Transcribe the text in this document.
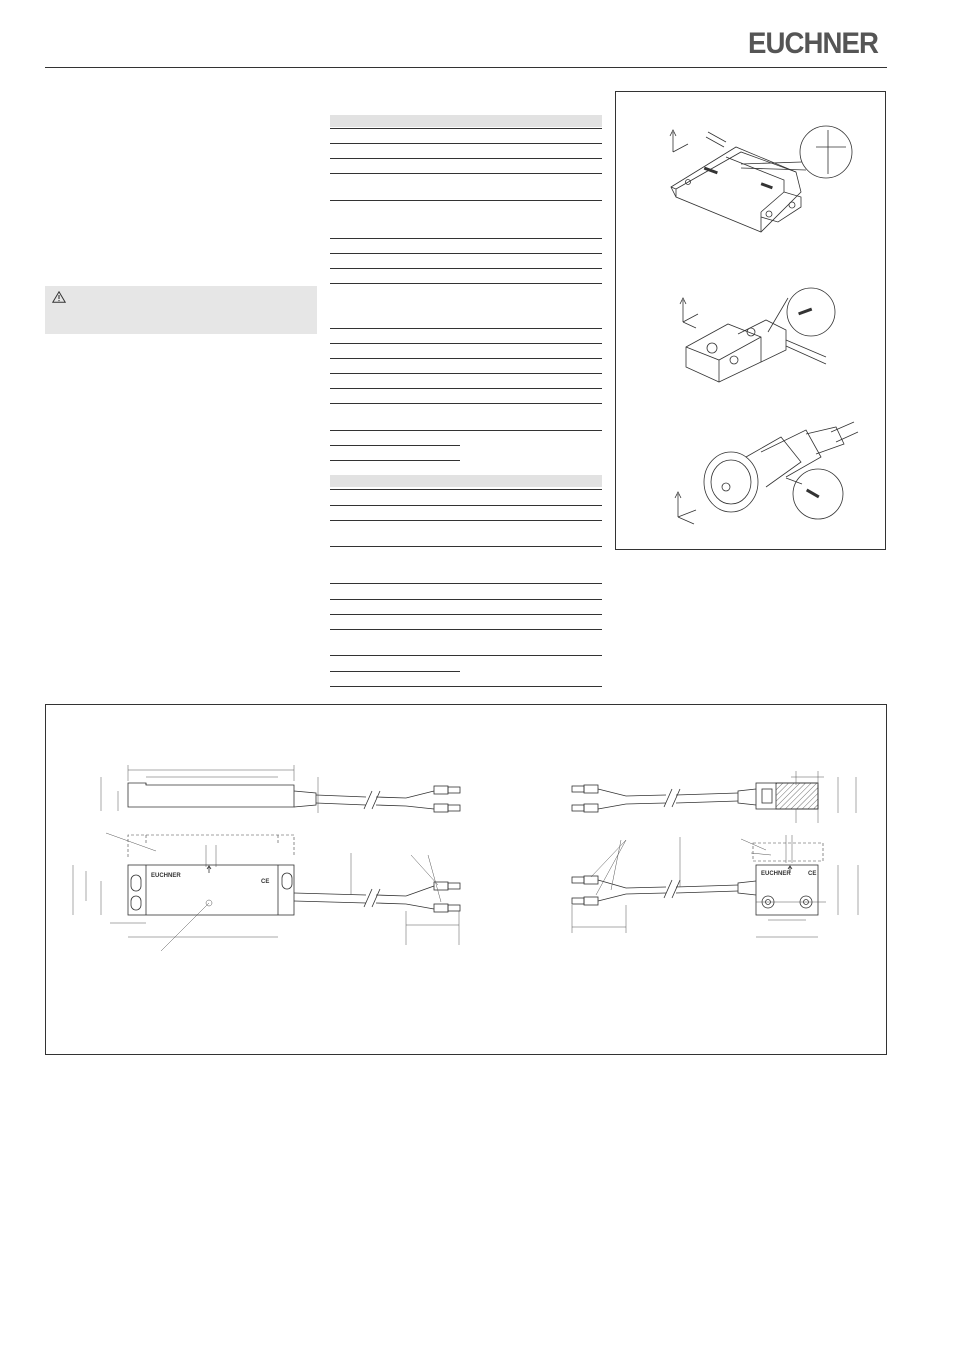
EUCHNER
EUCHNER
CE
EUCHNER	CE
